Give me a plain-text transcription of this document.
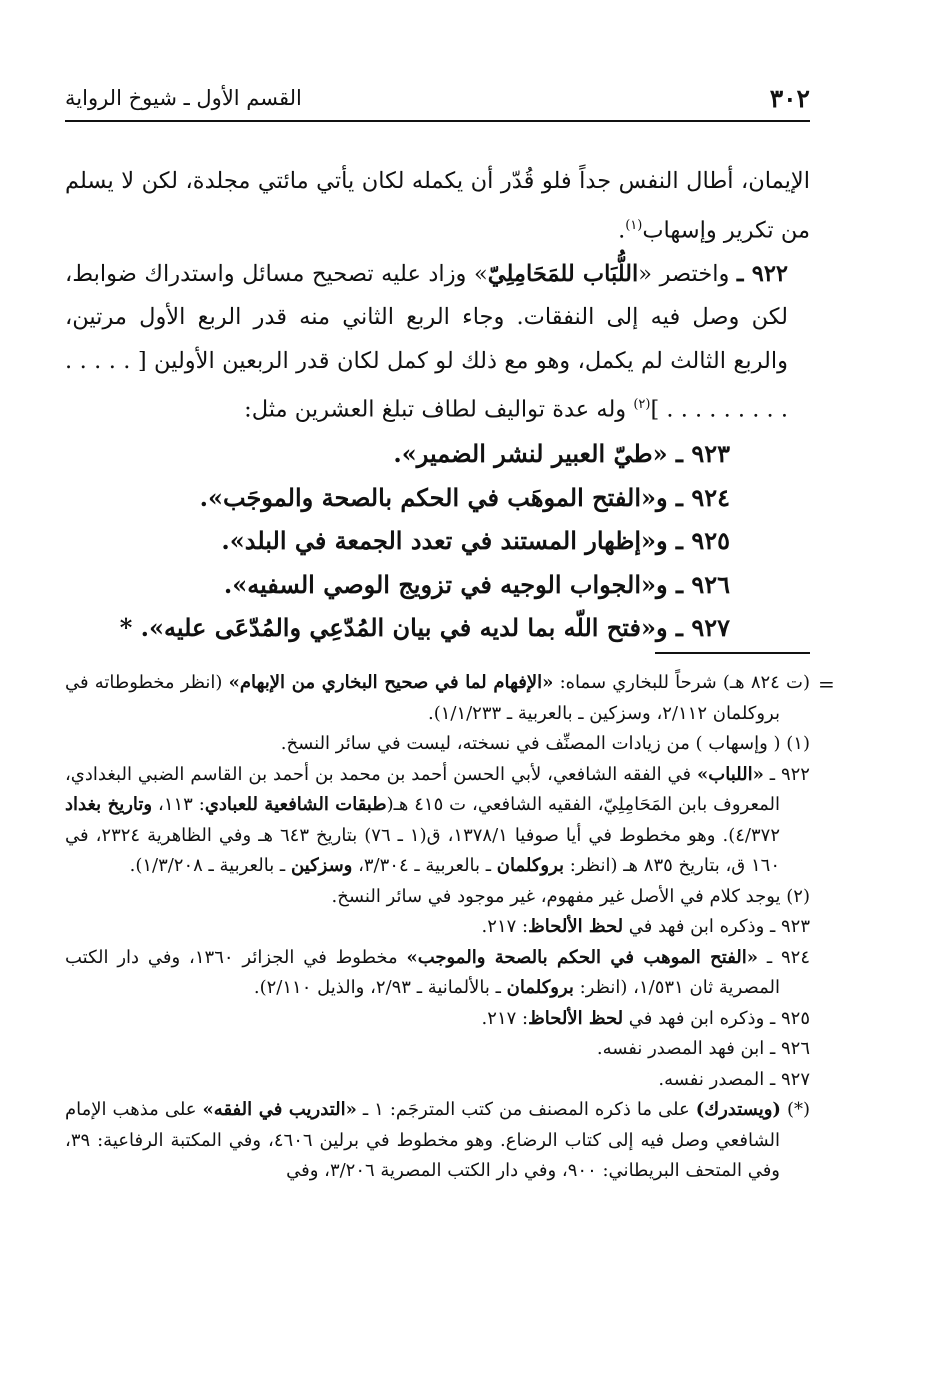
٣٠٢
القسم الأول ـ شيوخ الرواية

الإيمان، أطال النفس جداً فلو قُدّر أن يكمله لكان يأتي مائتي مجلدة، لكن لا يسلم من تكرير وإسهاب$^{(١)}$.

٩٢٢ ـ واختصر «اللُّبَاب للمَحَامِلِيّ» وزاد عليه تصحيح مسائل واستدراك ضوابط، لكن وصل فيه إلى النفقات. وجاء الربع الثاني منه قدر الربع الأول مرتين، والربع الثالث لم يكمل، وهو مع ذلك لو كمل لكان قدر الربعين الأولين [ . . . . . . . . . . . . . . ]$^{(٢)}$ وله عدة تواليف لطاف تبلغ العشرين مثل:

٩٢٣ ـ «طيّ العبير لنشر الضمير».

٩٢٤ ـ و«الفتح الموهَب في الحكم بالصحة والموجَب».

٩٢٥ ـ و«إظهار المستند في تعدد الجمعة في البلد».

٩٢٦ ـ و«الجواب الوجيه في تزويج الوصي السفيه».

٩٢٧ ـ و«فتح اللّه بما لديه في بيان المُدّعِي والمُدّعَى عليه». *

=

(ت ٨٢٤ هـ) شرحاً للبخاري سماه: «الإفهام لما في صحيح البخاري من الإبهام» (انظر مخطوطاته في بروكلمان ٢/١١٢، وسزكين ـ بالعربية ـ ١/١/٢٣٣).

(١) ( وإسهاب ) من زيادات المصنِّف في نسخته، ليست في سائر النسخ.

٩٢٢ ـ «اللباب» في الفقه الشافعي، لأبي الحسن أحمد بن محمد بن أحمد بن القاسم الضبي البغدادي، المعروف بابن المَحَامِلِيّ، الفقيه الشافعي، ت ٤١٥ هـ(طبقات الشافعية للعبادي: ١١٣، وتاريخ بغداد ٤/٣٧٢). وهو مخطوط في أيا صوفيا ١٣٧٨/١، ق(١ ـ ٧٦) بتاريخ ٦٤٣ هـ وفي الظاهرية ٢٣٢٤، في ١٦٠ ق، بتاريخ ٨٣٥ هـ (انظر: بروكلمان ـ بالعربية ـ ٣/٣٠٤، وسزكين ـ بالعربية ـ ١/٣/٢٠٨).

(٢) يوجد كلام في الأصل غير مفهوم، غير موجود في سائر النسخ.

٩٢٣ ـ وذكره ابن فهد في لحظ الألحاظ: ٢١٧.

٩٢٤ ـ «الفتح الموهب في الحكم بالصحة والموجب» مخطوط في الجزائر ١٣٦٠، وفي دار الكتب المصرية ثان ١/٥٣١، (انظر: بروكلمان ـ بالألمانية ـ ٢/٩٣، والذيل ٢/١١٠).

٩٢٥ ـ وذكره ابن فهد في لحظ الألحاظ: ٢١٧.

٩٢٦ ـ ابن فهد المصدر نفسه.

٩٢٧ ـ المصدر نفسه.

(*) (ويستدرك) على ما ذكره المصنف من كتب المترجَم: ١ ـ «التدريب في الفقه» على مذهب الإمام الشافعي وصل فيه إلى كتاب الرضاع. وهو مخطوط في برلين ٤٦٠٦، وفي المكتبة الرفاعية: ٣٩، وفي المتحف البريطاني: ٩٠٠، وفي دار الكتب المصرية ٣/٢٠٦، وفي
